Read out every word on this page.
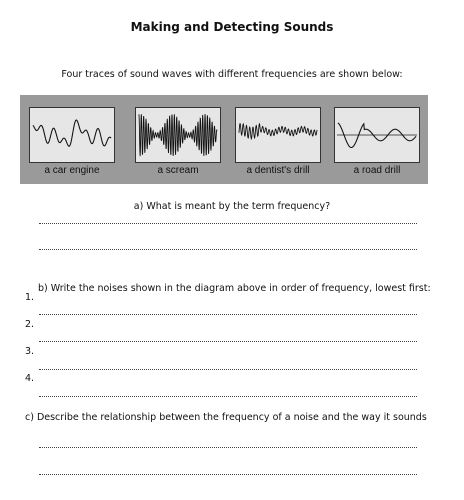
Making and Detecting Sounds
Four traces of sound waves with different frequencies are shown below:
a car engine	a scream	a dentist's drill	a road drill
a) What is meant by the term frequency?
b) Write the noises shown in the diagram above in order of frequency, lowest first:
1.
2.
3.
4.
c) Describe the relationship between the frequency of a noise and the way it sounds
